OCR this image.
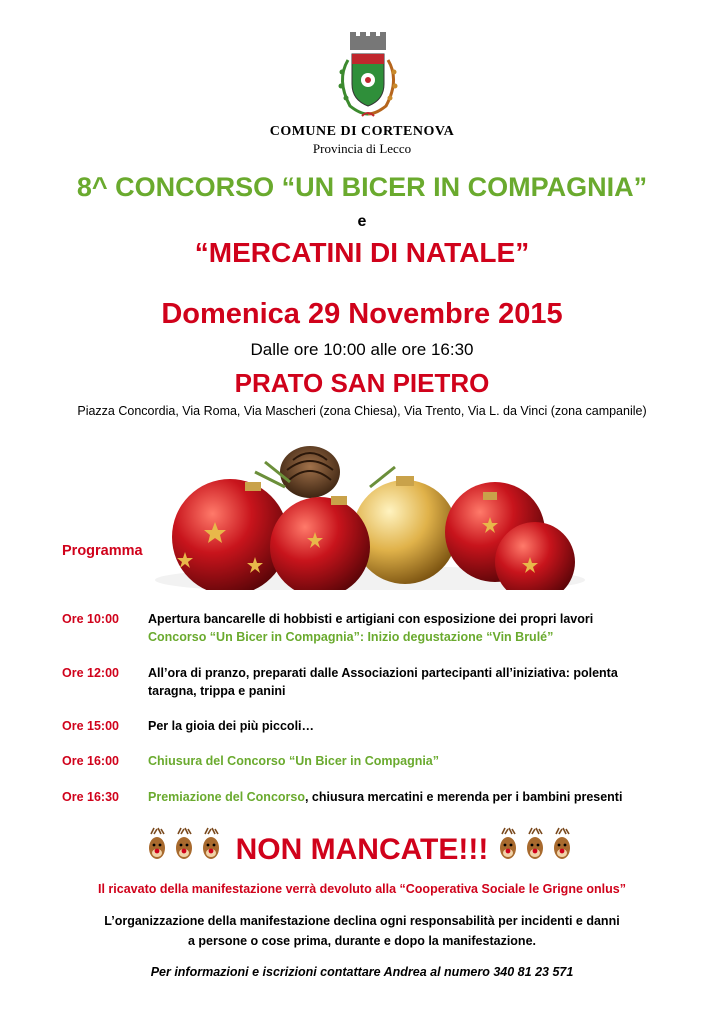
COMUNE DI CORTENOVA
Provincia di Lecco
8^ CONCORSO “UN BICER IN COMPAGNIA”
e
“MERCATINI DI NATALE”
Domenica 29 Novembre 2015
Dalle ore 10:00 alle ore 16:30
PRATO SAN PIETRO
Piazza Concordia, Via Roma, Via Mascheri (zona Chiesa), Via Trento, Via L. da Vinci (zona campanile)
Programma
Ore 10:00 Apertura bancarelle di hobbisti e artigiani con esposizione dei propri lavori
Concorso “Un Bicer in Compagnia”: Inizio degustazione “Vin Brulé”
Ore 12:00 All’ora di pranzo, preparati dalle Associazioni partecipanti all’iniziativa: polenta
taragna, trippa e panini
Ore 15:00 Per la gioia dei più piccoli…
Ore 16:00 Chiusura del Concorso “Un Bicer in Compagnia”
Ore 16:30 Premiazione del Concorso, chiusura mercatini e merenda per i bambini presenti
NON MANCATE!!!
Il ricavato della manifestazione verrà devoluto alla “Cooperativa Sociale le Grigne onlus”
L’organizzazione della manifestazione declina ogni responsabilità per incidenti e danni
a persone o cose prima, durante e dopo la manifestazione.
Per informazioni e iscrizioni contattare Andrea al numero 340 81 23 571
